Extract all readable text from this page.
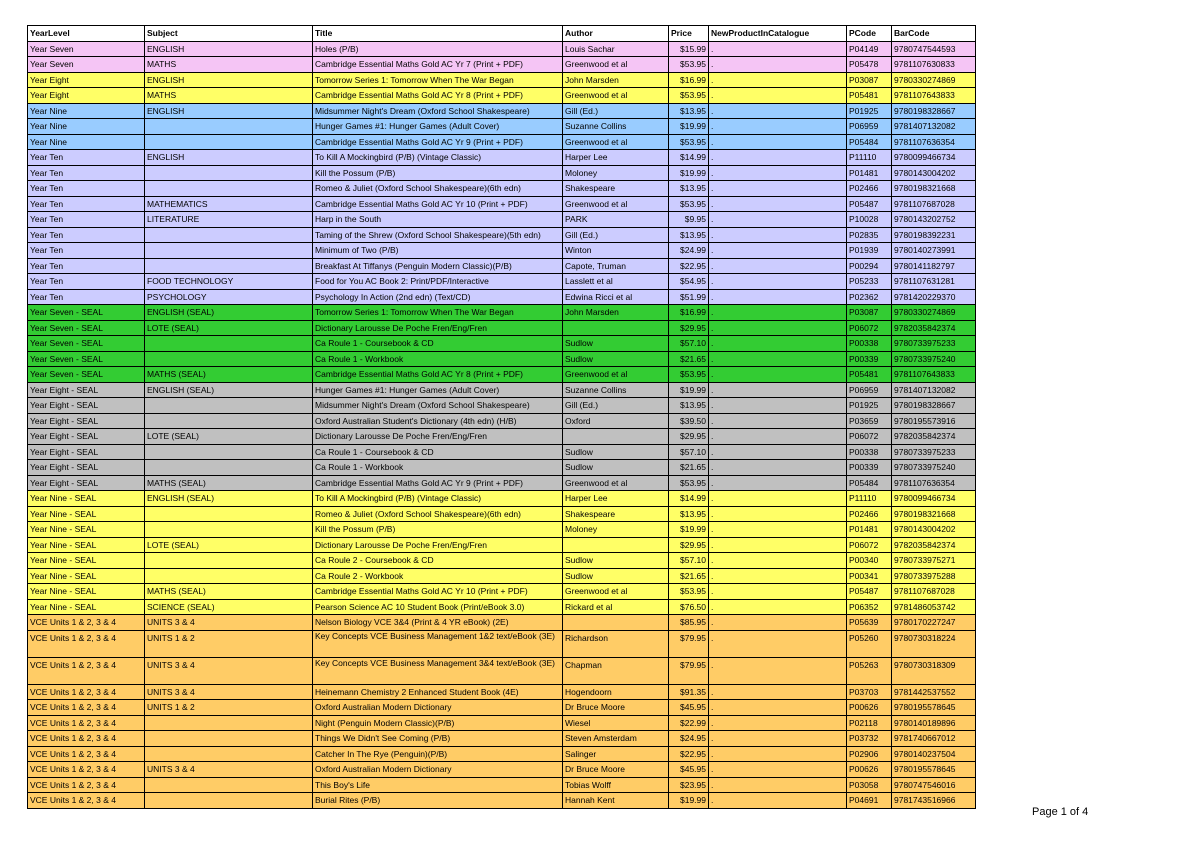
YearLevel	Subject	Title	Author	Price	NewProductInCatalogue	PCode	BarCode
Year Seven	ENGLISH	Holes (P/B)	Louis Sachar	$15.99	.	P04149	9780747544593
Year Seven	MATHS	Cambridge Essential Maths Gold AC Yr 7 (Print + PDF)	Greenwood et al	$53.95	.	P05478	9781107630833
Year Eight	ENGLISH	Tomorrow Series 1: Tomorrow When The War Began	John Marsden	$16.99	.	P03087	9780330274869
Year Eight	MATHS	Cambridge Essential Maths Gold AC Yr 8 (Print + PDF)	Greenwood et al	$53.95	.	P05481	9781107643833
Year Nine	ENGLISH	Midsummer Night's Dream (Oxford School Shakespeare)	Gill (Ed.)	$13.95	.	P01925	9780198328667
Year Nine		Hunger Games #1: Hunger Games (Adult Cover)	Suzanne Collins	$19.99	.	P06959	9781407132082
Year Nine		Cambridge Essential Maths Gold AC Yr 9 (Print + PDF)	Greenwood et al	$53.95	.	P05484	9781107636354
Year Ten	ENGLISH	To Kill A Mockingbird (P/B) (Vintage Classic)	Harper Lee	$14.99	.	P11110	9780099466734
Year Ten		Kill the Possum (P/B)	Moloney	$19.99	.	P01481	9780143004202
Year Ten		Romeo & Juliet (Oxford School Shakespeare)(6th edn)	Shakespeare	$13.95	.	P02466	9780198321668
Year Ten	MATHEMATICS	Cambridge Essential Maths Gold AC Yr 10 (Print + PDF)	Greenwood et al	$53.95	.	P05487	9781107687028
Year Ten	LITERATURE	Harp in the South	PARK	$9.95	.	P10028	9780143202752
Year Ten		Taming of the Shrew (Oxford School Shakespeare)(5th edn)	Gill (Ed.)	$13.95	.	P02835	9780198392231
Year Ten		Minimum of Two (P/B)	Winton	$24.99	.	P01939	9780140273991
Year Ten		Breakfast At Tiffanys (Penguin Modern Classic)(P/B)	Capote, Truman	$22.95	.	P00294	9780141182797
Year Ten	FOOD TECHNOLOGY	Food for You AC Book 2: Print/PDF/Interactive	Lasslett et al	$54.95	.	P05233	9781107631281
Year Ten	PSYCHOLOGY	Psychology In Action (2nd edn) (Text/CD)	Edwina Ricci et al	$51.99	.	P02362	9781420229370
Year Seven - SEAL	ENGLISH (SEAL)	Tomorrow Series 1: Tomorrow When The War Began	John Marsden	$16.99	.	P03087	9780330274869
Year Seven - SEAL	LOTE (SEAL)	Dictionary Larousse De Poche Fren/Eng/Fren		$29.95	.	P06072	9782035842374
Year Seven - SEAL		Ca Roule 1 - Coursebook & CD	Sudlow	$57.10	.	P00338	9780733975233
Year Seven - SEAL		Ca Roule 1 - Workbook	Sudlow	$21.65	.	P00339	9780733975240
Year Seven - SEAL	MATHS (SEAL)	Cambridge Essential Maths Gold AC Yr 8 (Print + PDF)	Greenwood et al	$53.95	.	P05481	9781107643833
Year Eight - SEAL	ENGLISH (SEAL)	Hunger Games #1: Hunger Games (Adult Cover)	Suzanne Collins	$19.99	.	P06959	9781407132082
Year Eight - SEAL		Midsummer Night's Dream (Oxford School Shakespeare)	Gill (Ed.)	$13.95	.	P01925	9780198328667
Year Eight - SEAL		Oxford Australian Student's Dictionary (4th edn) (H/B)	Oxford	$39.50	.	P03659	9780195573916
Year Eight - SEAL	LOTE (SEAL)	Dictionary Larousse De Poche Fren/Eng/Fren		$29.95	.	P06072	9782035842374
Year Eight - SEAL		Ca Roule 1 - Coursebook & CD	Sudlow	$57.10	.	P00338	9780733975233
Year Eight - SEAL		Ca Roule 1 - Workbook	Sudlow	$21.65	.	P00339	9780733975240
Year Eight - SEAL	MATHS (SEAL)	Cambridge Essential Maths Gold AC Yr 9 (Print + PDF)	Greenwood et al	$53.95	.	P05484	9781107636354
Year Nine - SEAL	ENGLISH (SEAL)	To Kill A Mockingbird (P/B) (Vintage Classic)	Harper Lee	$14.99	.	P11110	9780099466734
Year Nine - SEAL		Romeo & Juliet (Oxford School Shakespeare)(6th edn)	Shakespeare	$13.95	.	P02466	9780198321668
Year Nine - SEAL		Kill the Possum (P/B)	Moloney	$19.99	.	P01481	9780143004202
Year Nine - SEAL	LOTE (SEAL)	Dictionary Larousse De Poche Fren/Eng/Fren		$29.95	.	P06072	9782035842374
Year Nine - SEAL		Ca Roule 2 - Coursebook & CD	Sudlow	$57.10	.	P00340	9780733975271
Year Nine - SEAL		Ca Roule 2 - Workbook	Sudlow	$21.65	.	P00341	9780733975288
Year Nine - SEAL	MATHS (SEAL)	Cambridge Essential Maths Gold AC Yr 10 (Print + PDF)	Greenwood et al	$53.95	.	P05487	9781107687028
Year Nine - SEAL	SCIENCE (SEAL)	Pearson Science AC 10 Student Book (Print/eBook 3.0)	Rickard et al	$76.50	.	P06352	9781486053742
VCE Units 1 & 2, 3 & 4	UNITS 3 & 4	Nelson Biology VCE 3&4 (Print & 4 YR eBook) (2E)		$85.95	.	P05639	9780170227247
VCE Units 1 & 2, 3 & 4	UNITS 1 & 2	Key Concepts VCE Business Management 1&2 text/eBook (3E)	Richardson	$79.95	.	P05260	9780730318224
VCE Units 1 & 2, 3 & 4	UNITS 3 & 4	Key Concepts VCE Business Management 3&4 text/eBook (3E)	Chapman	$79.95	.	P05263	9780730318309
VCE Units 1 & 2, 3 & 4	UNITS 3 & 4	Heinemann Chemistry 2 Enhanced Student Book (4E)	Hogendoorn	$91.35	.	P03703	9781442537552
VCE Units 1 & 2, 3 & 4	UNITS 1 & 2	Oxford Australian Modern Dictionary	Dr Bruce Moore	$45.95	.	P00626	9780195578645
VCE Units 1 & 2, 3 & 4		Night (Penguin Modern Classic)(P/B)	Wiesel	$22.99	.	P02118	9780140189896
VCE Units 1 & 2, 3 & 4		Things We Didn't See Coming (P/B)	Steven Amsterdam	$24.95	.	P03732	9781740667012
VCE Units 1 & 2, 3 & 4		Catcher In The Rye (Penguin)(P/B)	Salinger	$22.95	.	P02906	9780140237504
VCE Units 1 & 2, 3 & 4	UNITS 3 & 4	Oxford Australian Modern Dictionary	Dr Bruce Moore	$45.95	.	P00626	9780195578645
VCE Units 1 & 2, 3 & 4		This Boy's Life	Tobias Wolff	$23.95	.	P03058	9780747546016
VCE Units 1 & 2, 3 & 4		Burial Rites (P/B)	Hannah Kent	$19.99	.	P04691	9781743516966
Page 1 of 4
